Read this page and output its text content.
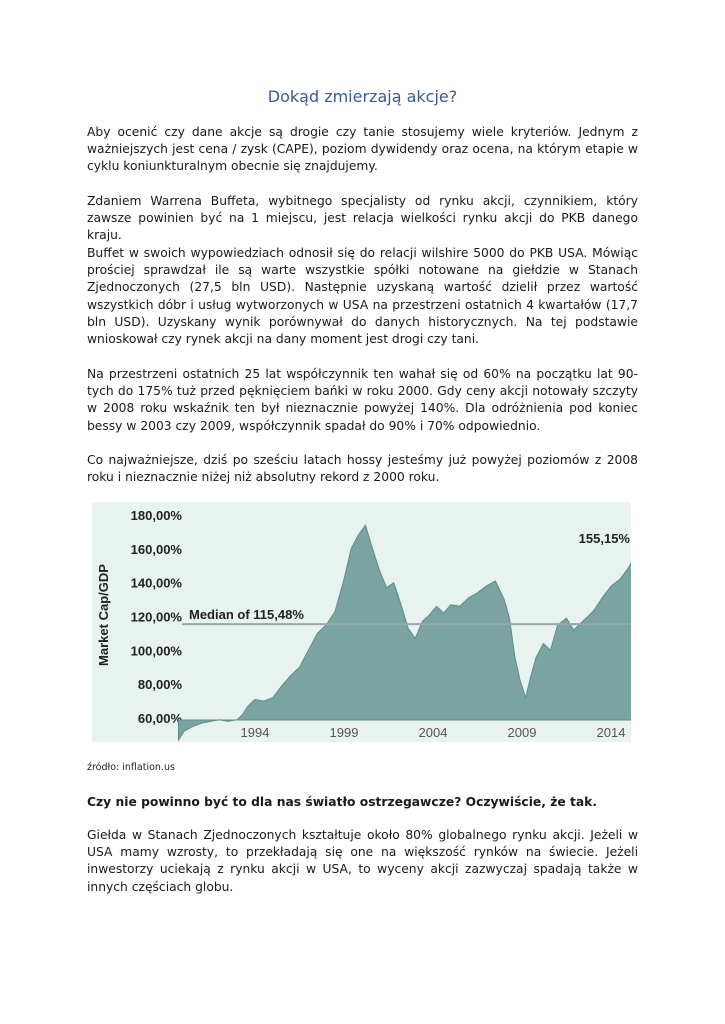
Dokąd zmierzają akcje?
Aby ocenić czy dane akcje są drogie czy tanie stosujemy wiele kryteriów. Jednym z ważniejszych jest cena / zysk (CAPE), poziom dywidendy oraz ocena, na którym etapie w cyklu koniunkturalnym obecnie się znajdujemy.
Zdaniem Warrena Buffeta, wybitnego specjalisty od rynku akcji, czynnikiem, który zawsze powinien być na 1 miejscu, jest relacja wielkości rynku akcji do PKB danego kraju.
Buffet w swoich wypowiedziach odnosił się do relacji wilshire 5000 do PKB USA. Mówiąc prościej sprawdzał ile są warte wszystkie spółki notowane na giełdzie w Stanach Zjednoczonych (27,5 bln USD). Następnie uzyskaną wartość dzielił przez wartość wszystkich dóbr i usług wytworzonych w USA na przestrzeni ostatnich 4 kwartałów (17,7 bln USD). Uzyskany wynik porównywał do danych historycznych. Na tej podstawie wnioskował czy rynek akcji na dany moment jest drogi czy tani.
Na przestrzeni ostatnich 25 lat współczynnik ten wahał się od 60% na początku lat 90-tych do 175% tuż przed pęknięciem bańki w roku 2000. Gdy ceny akcji notowały szczyty w 2008 roku wskaźnik ten był nieznacznie powyżej 140%. Dla odróżnienia pod koniec bessy w 2003 czy 2009, współczynnik spadał do 90% i 70% odpowiednio.
Co najważniejsze, dziś po sześciu latach hossy jesteśmy już powyżej poziomów z 2008 roku i nieznacznie niżej niż absolutny rekord z 2000 roku.
180,00%
160,00%
140,00%
120,00%
100,00%
80,00%
60,00%
1994	1999	2004	2009	2014
Median of 115,48%
155,15%
Market Cap/GDP
źródło: inflation.us
Czy nie powinno być to dla nas światło ostrzegawcze? Oczywiście, że tak.
Giełda w Stanach Zjednoczonych kształtuje około 80% globalnego rynku akcji. Jeżeli w USA mamy wzrosty, to przekładają się one na większość rynków na świecie. Jeżeli inwestorzy uciekają z rynku akcji w USA, to wyceny akcji zazwyczaj spadają także w innych częściach globu.
